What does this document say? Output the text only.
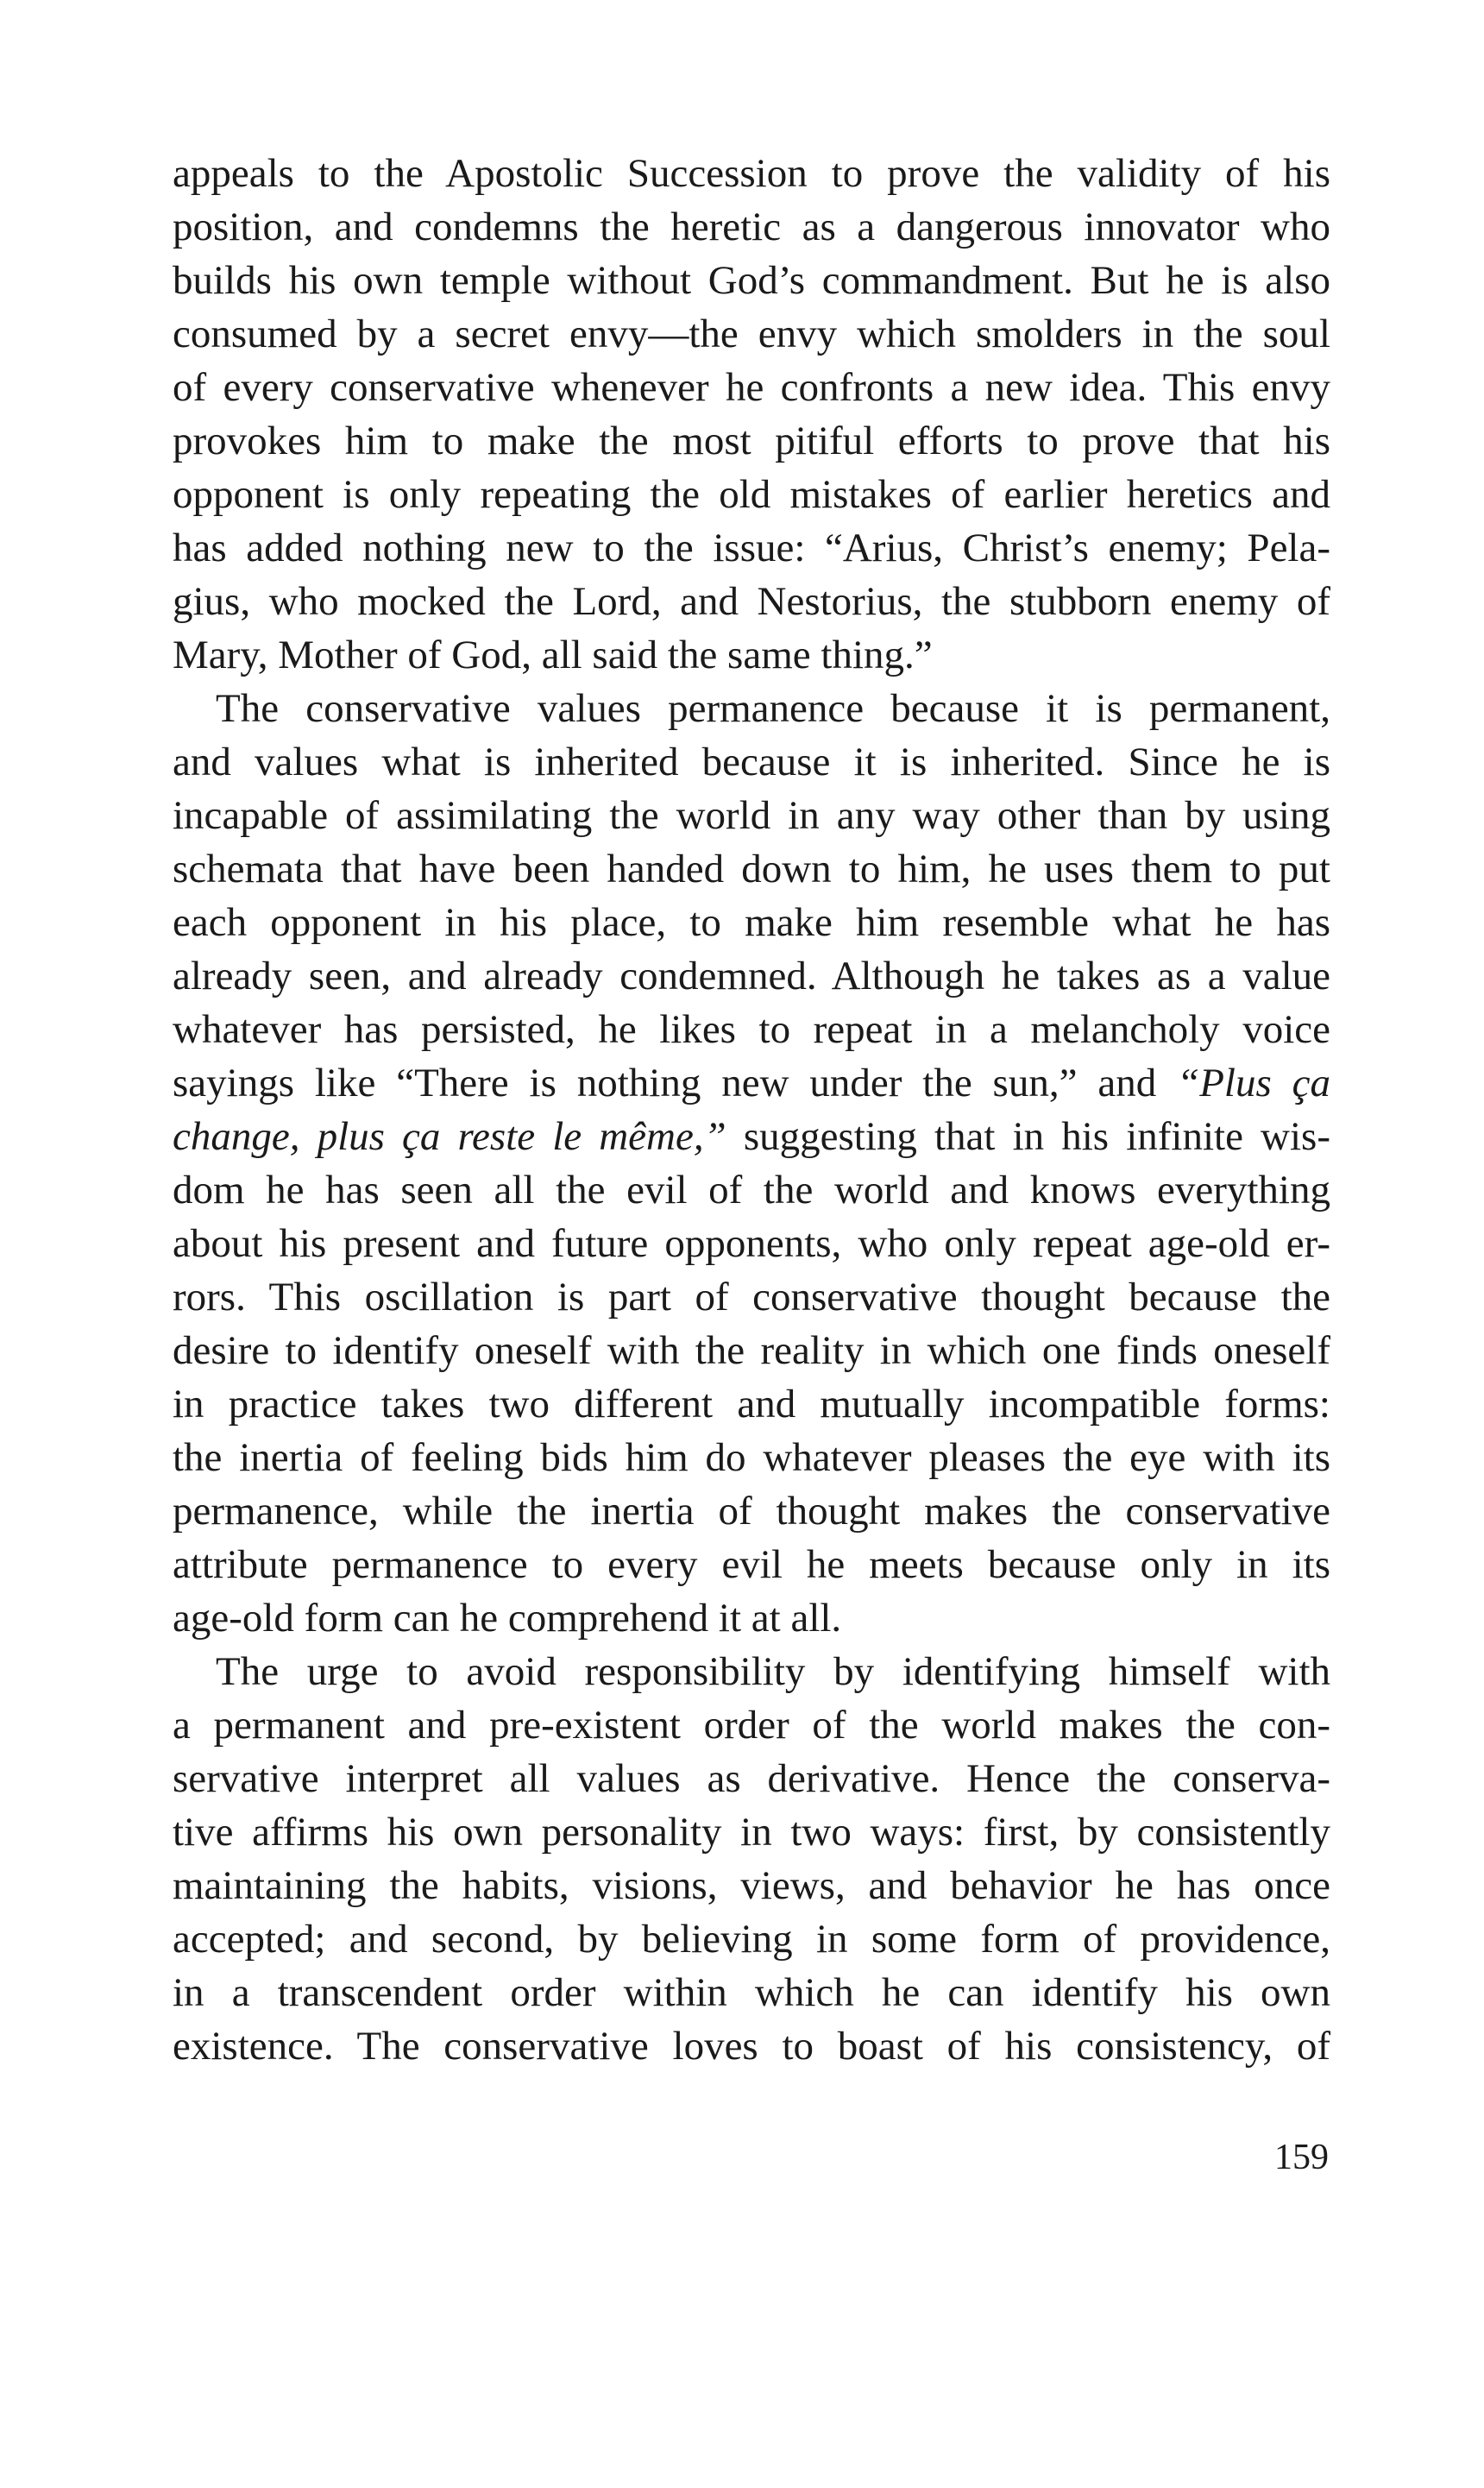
appeals to the Apostolic Succession to prove the validity of his
position, and condemns the heretic as a dangerous innovator who
builds his own temple without God’s commandment. But he is also
consumed by a secret envy—the envy which smolders in the soul
of every conservative whenever he confronts a new idea. This envy
provokes him to make the most pitiful efforts to prove that his
opponent is only repeating the old mistakes of earlier heretics and
has added nothing new to the issue: “Arius, Christ’s enemy; Pela-
gius, who mocked the Lord, and Nestorius, the stubborn enemy of
Mary, Mother of God, all said the same thing.”
The conservative values permanence because it is permanent,
and values what is inherited because it is inherited. Since he is
incapable of assimilating the world in any way other than by using
schemata that have been handed down to him, he uses them to put
each opponent in his place, to make him resemble what he has
already seen, and already condemned. Although he takes as a value
whatever has persisted, he likes to repeat in a melancholy voice
sayings like “There is nothing new under the sun,” and “Plus ça
change, plus ça reste le même,” suggesting that in his infinite wis-
dom he has seen all the evil of the world and knows everything
about his present and future opponents, who only repeat age-old er-
rors. This oscillation is part of conservative thought because the
desire to identify oneself with the reality in which one finds oneself
in practice takes two different and mutually incompatible forms:
the inertia of feeling bids him do whatever pleases the eye with its
permanence, while the inertia of thought makes the conservative
attribute permanence to every evil he meets because only in its
age-old form can he comprehend it at all.
The urge to avoid responsibility by identifying himself with
a permanent and pre-existent order of the world makes the con-
servative interpret all values as derivative. Hence the conserva-
tive affirms his own personality in two ways: first, by consistently
maintaining the habits, visions, views, and behavior he has once
accepted; and second, by believing in some form of providence,
in a transcendent order within which he can identify his own
existence. The conservative loves to boast of his consistency, of
159
